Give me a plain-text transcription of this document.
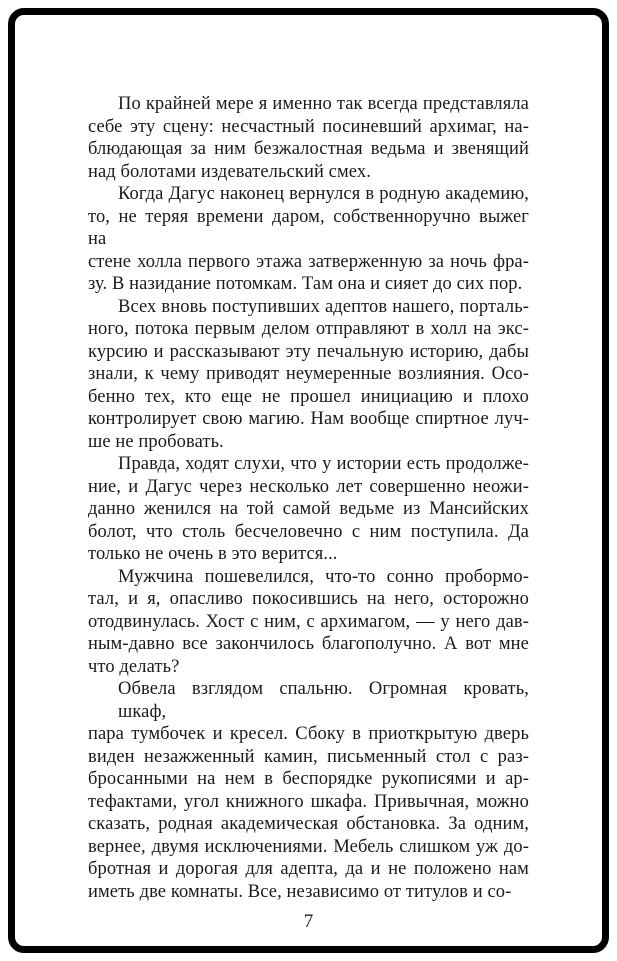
По крайней мере я именно так всегда представляла
себе эту сцену: несчастный посиневший архимаг, на-
блюдающая за ним безжалостная ведьма и звенящий
над болотами издевательский смех.
Когда Дагус наконец вернулся в родную академию,
то, не теряя времени даром, собственноручно выжег на
стене холла первого этажа затверженную за ночь фра-
зу. В назидание потомкам. Там она и сияет до сих пор.
Всех вновь поступивших адептов нашего, порталь-
ного, потока первым делом отправляют в холл на экс-
курсию и рассказывают эту печальную историю, дабы
знали, к чему приводят неумеренные возлияния. Осо-
бенно тех, кто еще не прошел инициацию и плохо
контролирует свою магию. Нам вообще спиртное луч-
ше не пробовать.
Правда, ходят слухи, что у истории есть продолже-
ние, и Дагус через несколько лет совершенно неожи-
данно женился на той самой ведьме из Мансийских
болот, что столь бесчеловечно с ним поступила. Да
только не очень в это верится...
Мужчина пошевелился, что-то сонно пробормо-
тал, и я, опасливо покосившись на него, осторожно
отодвинулась. Хост с ним, с архимагом, — у него дав-
ным-давно все закончилось благополучно. А вот мне
что делать?
Обвела взглядом спальню. Огромная кровать, шкаф,
пара тумбочек и кресел. Сбоку в приоткрытую дверь
виден незажженный камин, письменный стол с раз-
бросанными на нем в беспорядке рукописями и ар-
тефактами, угол книжного шкафа. Привычная, можно
сказать, родная академическая обстановка. За одним,
вернее, двумя исключениями. Мебель слишком уж до-
бротная и дорогая для адепта, да и не положено нам
иметь две комнаты. Все, независимо от титулов и со-
7
